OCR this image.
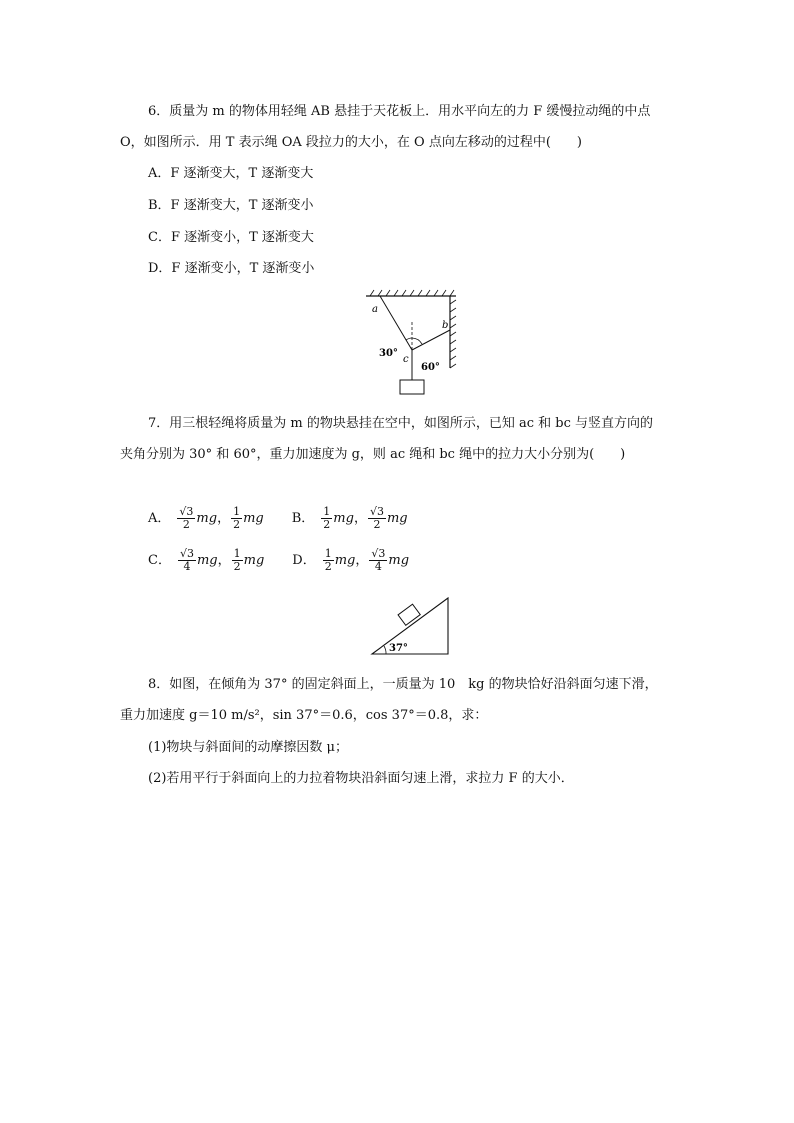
6．质量为 m 的物体用轻绳 AB 悬挂于天花板上．用水平向左的力 F 缓慢拉动绳的中点
O，如图所示．用 T 表示绳 OA 段拉力的大小，在 O 点向左移动的过程中(　　)
A．F 逐渐变大，T 逐渐变大
B．F 逐渐变大，T 逐渐变小
C．F 逐渐变小，T 逐渐变大
D．F 逐渐变小，T 逐渐变小
a
b
c
30°
60°
7．用三根轻绳将质量为 m 的物块悬挂在空中，如图所示，已知 ac 和 bc 与竖直方向的
夹角分别为 30° 和 60°，重力加速度为 g，则 ac 绳和 bc 绳中的拉力大小分别为(　　)
A． $\frac{√3}{2}$ mg ， $\frac{1}{2}$ mg B． $\frac{1}{2}$ mg ， $\frac{√3}{2}$ mg
C． $\frac{√3}{4}$ mg ， $\frac{1}{2}$ mg D． $\frac{1}{2}$ mg ， $\frac{√3}{4}$ mg
37°
8．如图，在倾角为 37° 的固定斜面上，一质量为 10　kg 的物块恰好沿斜面匀速下滑，
重力加速度 g＝10 m/s²，sin 37°＝0.6，cos 37°＝0.8，求：
(1)物块与斜面间的动摩擦因数 μ；
(2)若用平行于斜面向上的力拉着物块沿斜面匀速上滑，求拉力 F 的大小．
